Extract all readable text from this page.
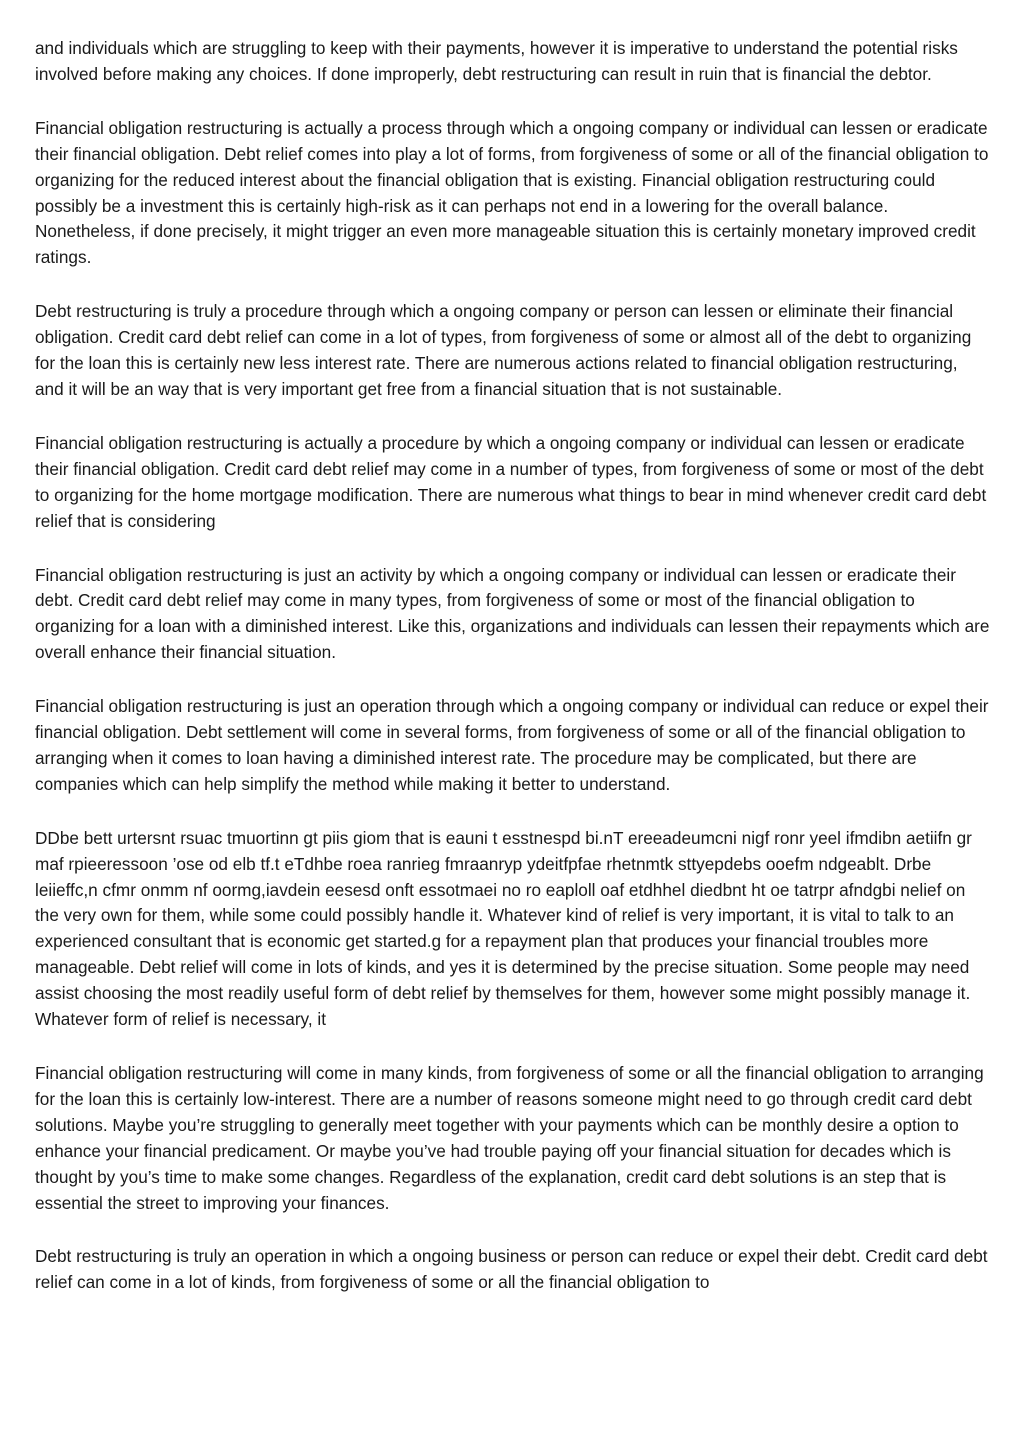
and individuals which are struggling to keep with their payments, however it is imperative to understand the potential risks involved before making any choices. If done improperly, debt restructuring can result in ruin that is financial the debtor.

Financial obligation restructuring is actually a process through which a ongoing company or individual can lessen or eradicate their financial obligation. Debt relief comes into play a lot of forms, from forgiveness of some or all of the financial obligation to organizing for the reduced interest about the financial obligation that is existing. Financial obligation restructuring could possibly be a investment this is certainly high-risk as it can perhaps not end in a lowering for the overall balance. Nonetheless, if done precisely, it might trigger an even more manageable situation this is certainly monetary improved credit ratings.

Debt restructuring is truly a procedure through which a ongoing company or person can lessen or eliminate their financial obligation. Credit card debt relief can come in a lot of types, from forgiveness of some or almost all of the debt to organizing for the loan this is certainly new less interest rate. There are numerous actions related to financial obligation restructuring, and it will be an way that is very important get free from a financial situation that is not sustainable.

Financial obligation restructuring is actually a procedure by which a ongoing company or individual can lessen or eradicate their financial obligation. Credit card debt relief may come in a number of types, from forgiveness of some or most of the debt to organizing for the home mortgage modification. There are numerous what things to bear in mind whenever credit card debt relief that is considering

Financial obligation restructuring is just an activity by which a ongoing company or individual can lessen or eradicate their debt. Credit card debt relief may come in many types, from forgiveness of some or most of the financial obligation to organizing for a loan with a diminished interest. Like this, organizations and individuals can lessen their repayments which are overall enhance their financial situation.

Financial obligation restructuring is just an operation through which a ongoing company or individual can reduce or expel their financial obligation. Debt settlement will come in several forms, from forgiveness of some or all of the financial obligation to arranging when it comes to loan having a diminished interest rate. The procedure may be complicated, but there are companies which can help simplify the method while making it better to understand.

DDbe bett urtersnt rsuac tmuortinn gt piis giom that is eauni t esstnespd bi.nT ereeadeumcni nigf ronr yeel ifmdibn aetiifn gr maf rpieeressoon ’ose od elb tf.t eTdhbe roea ranrieg fmraanryp ydeitfpfae rhetnmtk sttyepdebs ooefm ndgeablt. Drbe leiieffc,n cfmr onmm nf oormg,iavdein eesesd onft essotmaei no ro eaploll oaf etdhhel diedbnt ht oe tatrpr afndgbi nelief on the very own for them, while some could possibly handle it. Whatever kind of relief is very important, it is vital to talk to an experienced consultant that is economic get started.g for a repayment plan that produces your financial troubles more manageable. Debt relief will come in lots of kinds, and yes it is determined by the precise situation. Some people may need assist choosing the most readily useful form of debt relief by themselves for them, however some might possibly manage it. Whatever form of relief is necessary, it

Financial obligation restructuring will come in many kinds, from forgiveness of some or all the financial obligation to arranging for the loan this is certainly low-interest. There are a number of reasons someone might need to go through credit card debt solutions. Maybe you’re struggling to generally meet together with your payments which can be monthly desire a option to enhance your financial predicament. Or maybe you’ve had trouble paying off your financial situation for decades which is thought by you’s time to make some changes. Regardless of the explanation, credit card debt solutions is an step that is essential the street to improving your finances.

Debt restructuring is truly an operation in which a ongoing business or person can reduce or expel their debt. Credit card debt relief can come in a lot of kinds, from forgiveness of some or all the financial obligation to
